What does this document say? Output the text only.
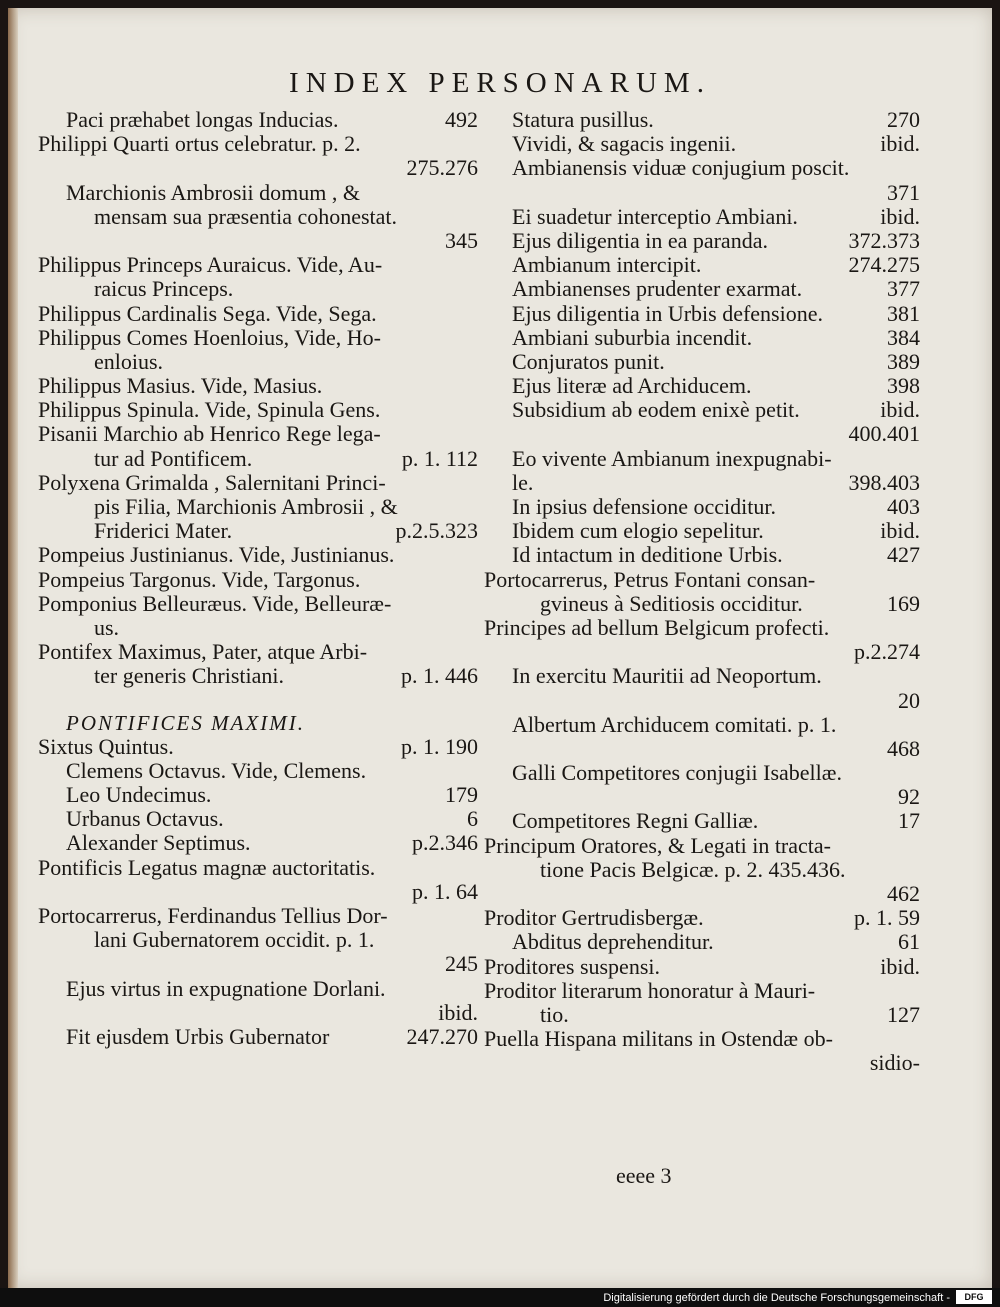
INDEX PERSONARUM.
Paci præhabet longas Inducias.	492
Philippi Quarti ortus celebratur. p. 2.
275.276
Marchionis Ambrosii domum , &
mensam sua præsentia cohonestat.
345
Philippus Princeps Auraicus. Vide, Au-
raicus Princeps.
Philippus Cardinalis Sega. Vide, Sega.
Philippus Comes Hoenloius, Vide, Ho-
enloius.
Philippus Masius. Vide, Masius.
Philippus Spinula. Vide, Spinula Gens.
Pisanii Marchio ab Henrico Rege lega-
tur ad Pontificem.	p. 1. 112
Polyxena Grimalda , Salernitani Princi-
pis Filia, Marchionis Ambrosii , &
Friderici Mater.	p.2.5.323
Pompeius Justinianus. Vide, Justinianus.
Pompeius Targonus. Vide, Targonus.
Pomponius Belleuræus. Vide, Belleuræ-
us.
Pontifex Maximus, Pater, atque Arbi-
ter generis Christiani.	p. 1. 446
PONTIFICES MAXIMI.
Sixtus Quintus.	p. 1. 190
Clemens Octavus. Vide, Clemens.
Leo Undecimus.	179
Urbanus Octavus.	6
Alexander Septimus.	p.2.346
Pontificis Legatus magnæ auctoritatis.
p. 1. 64
Portocarrerus, Ferdinandus Tellius Dor-
lani Gubernatorem occidit. p. 1.
245
Ejus virtus in expugnatione Dorlani.
ibid.
Fit ejusdem Urbis Gubernator	247.270
Statura pusillus.	270
Vividi, & sagacis ingenii.	ibid.
Ambianensis viduæ conjugium poscit.
371
Ei suadetur interceptio Ambiani.	ibid.
Ejus diligentia in ea paranda.	372.373
Ambianum intercipit.	274.275
Ambianenses prudenter exarmat.	377
Ejus diligentia in Urbis defensione.	381
Ambiani suburbia incendit.	384
Conjuratos punit.	389
Ejus literæ ad Archiducem.	398
Subsidium ab eodem enixè petit.	ibid.
400.401
Eo vivente Ambianum inexpugnabi-
le.	398.403
In ipsius defensione occiditur.	403
Ibidem cum elogio sepelitur.	ibid.
Id intactum in deditione Urbis.	427
Portocarrerus, Petrus Fontani consan-
gvineus à Seditiosis occiditur.	169
Principes ad bellum Belgicum profecti.
p.2.274
In exercitu Mauritii ad Neoportum.
20
Albertum Archiducem comitati. p. 1.
468
Galli Competitores conjugii Isabellæ.
92
Competitores Regni Galliæ.	17
Principum Oratores, & Legati in tracta-
tione Pacis Belgicæ. p. 2. 435.436.
462
Proditor Gertrudisbergæ.	p. 1. 59
Abditus deprehenditur.	61
Proditores suspensi.	ibid.
Proditor literarum honoratur à Mauri-
tio.	127
Puella Hispana militans in Ostendæ ob-
sidio-
eeee 3
Digitalisierung gefördert durch die Deutsche Forschungsgemeinschaft -	DFG
